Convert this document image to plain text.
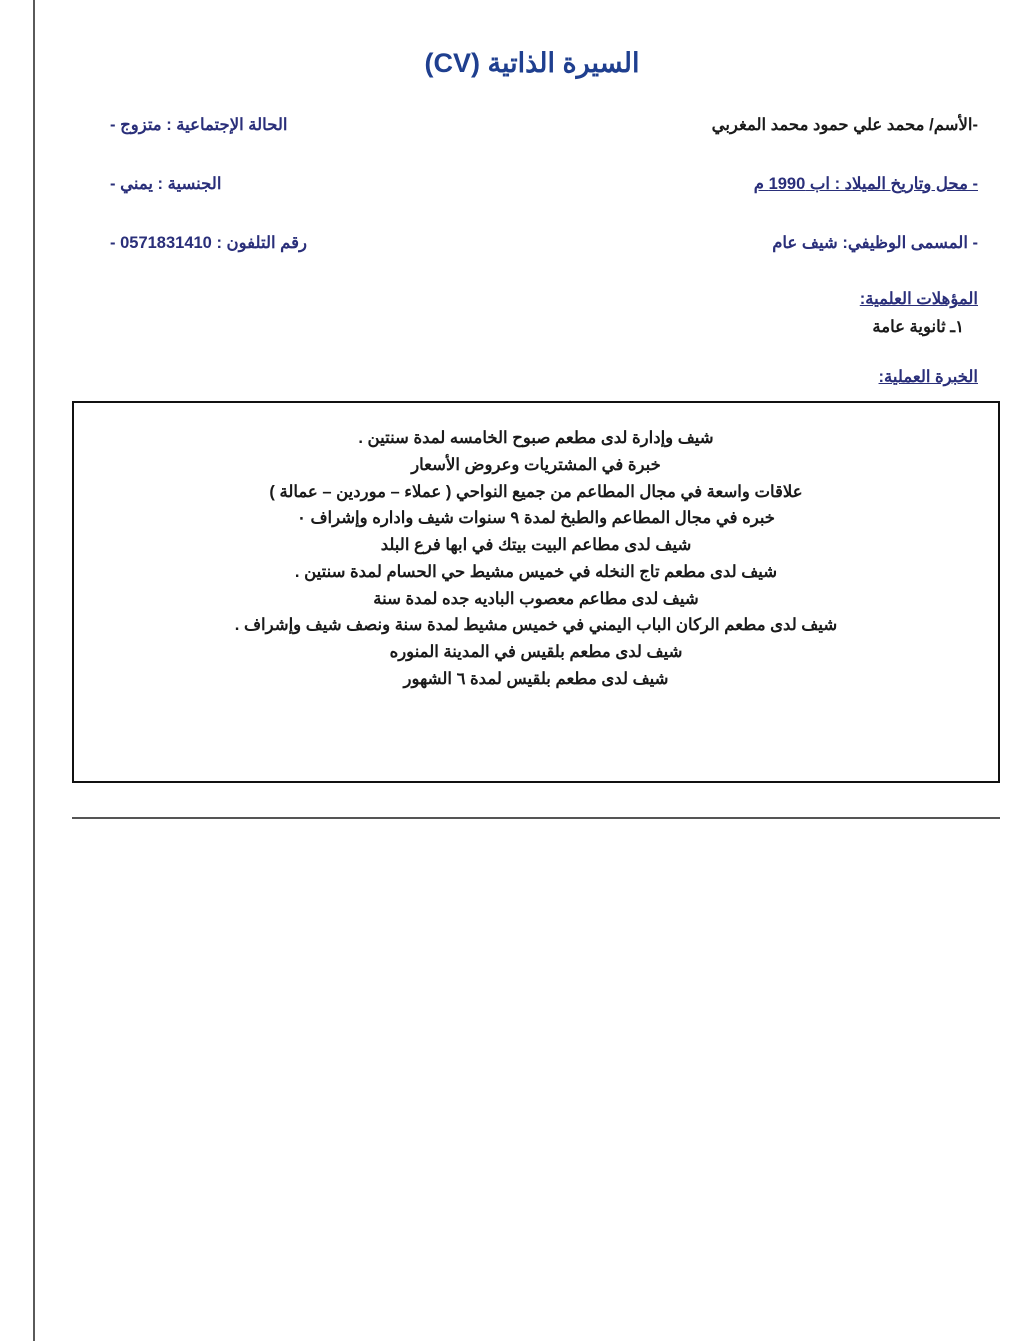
السيرة الذاتية (CV)
-الأسم/ محمد علي حمود محمد المغربي
الحالة الإجتماعية : متزوج -
- محل وتاريخ الميلاد : اب 1990 م
الجنسية : يمني -
- المسمى الوظيفي: شيف عام
رقم التلفون : 0571831410 -
المؤهلات العلمية:
١ـ ثانوية عامة
الخبرة العملية:
شيف وإدارة لدى مطعم صبوح الخامسه لمدة سنتين .
خبرة في المشتريات وعروض الأسعار
علاقات واسعة في مجال المطاعم من جميع النواحي ( عملاء – موردين – عمالة )
خبره في مجال المطاعم والطبخ لمدة ٩ سنوات شيف واداره وإشراف ٠
شيف لدى مطاعم البيت بيتك في ابها فرع البلد
شيف لدى مطعم تاج النخله في خميس مشيط حي الحسام لمدة سنتين .
شيف لدى مطاعم معصوب الباديه جده لمدة سنة
شيف لدى مطعم الركان الباب اليمني في خميس مشيط لمدة سنة ونصف شيف وإشراف .
شيف لدى مطعم بلقيس في المدينة المنوره
شيف لدى مطعم بلقيس لمدة ٦ الشهور
